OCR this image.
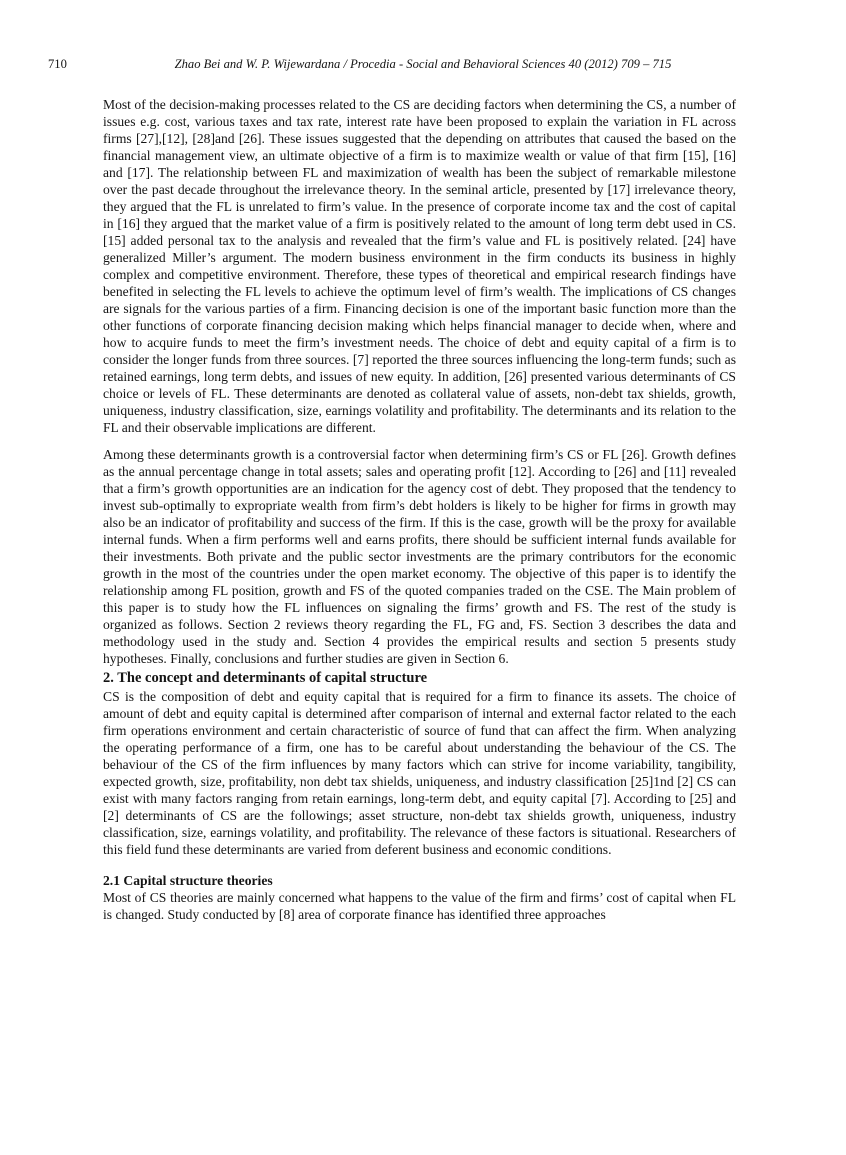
710	Zhao Bei and W. P. Wijewardana / Procedia - Social and Behavioral Sciences 40 (2012) 709 – 715

Most of the decision-making processes related to the CS are deciding factors when determining the CS, a number of issues e.g. cost, various taxes and tax rate, interest rate have been proposed to explain the variation in FL across firms [27],[12], [28]and [26]. These issues suggested that the depending on attributes that caused the based on the financial management view, an ultimate objective of a firm is to maximize wealth or value of that firm [15], [16] and [17]. The relationship between FL and maximization of wealth has been the subject of remarkable milestone over the past decade throughout the irrelevance theory. In the seminal article, presented by [17] irrelevance theory, they argued that the FL is unrelated to firm’s value. In the presence of corporate income tax and the cost of capital in [16] they argued that the market value of a firm is positively related to the amount of long term debt used in CS. [15] added personal tax to the analysis and revealed that the firm’s value and FL is positively related. [24] have generalized Miller’s argument. The modern business environment in the firm conducts its business in highly complex and competitive environment. Therefore, these types of theoretical and empirical research findings have benefited in selecting the FL levels to achieve the optimum level of firm’s wealth. The implications of CS changes are signals for the various parties of a firm. Financing decision is one of the important basic function more than the other functions of corporate financing decision making which helps financial manager to decide when, where and how to acquire funds to meet the firm’s investment needs. The choice of debt and equity capital of a firm is to consider the longer funds from three sources. [7] reported the three sources influencing the long-term funds; such as retained earnings, long term debts, and issues of new equity. In addition, [26] presented various determinants of CS choice or levels of FL. These determinants are denoted as collateral value of assets, non-debt tax shields, growth, uniqueness, industry classification, size, earnings volatility and profitability. The determinants and its relation to the FL and their observable implications are different.

Among these determinants growth is a controversial factor when determining firm’s CS or FL [26]. Growth defines as the annual percentage change in total assets; sales and operating profit [12]. According to [26] and [11] revealed that a firm’s growth opportunities are an indication for the agency cost of debt. They proposed that the tendency to invest sub-optimally to expropriate wealth from firm’s debt holders is likely to be higher for firms in growth may also be an indicator of profitability and success of the firm. If this is the case, growth will be the proxy for available internal funds. When a firm performs well and earns profits, there should be sufficient internal funds available for their investments. Both private and the public sector investments are the primary contributors for the economic growth in the most of the countries under the open market economy. The objective of this paper is to identify the relationship among FL position, growth and FS of the quoted companies traded on the CSE. The Main problem of this paper is to study how the FL influences on signaling the firms’ growth and FS. The rest of the study is organized as follows. Section 2 reviews theory regarding the FL, FG and, FS. Section 3 describes the data and methodology used in the study and. Section 4 provides the empirical results and section 5 presents study hypotheses. Finally, conclusions and further studies are given in Section 6.

2. The concept and determinants of capital structure

CS is the composition of debt and equity capital that is required for a firm to finance its assets. The choice of amount of debt and equity capital is determined after comparison of internal and external factor related to the each firm operations environment and certain characteristic of source of fund that can affect the firm. When analyzing the operating performance of a firm, one has to be careful about understanding the behaviour of the CS. The behaviour of the CS of the firm influences by many factors which can strive for income variability, tangibility, expected growth, size, profitability, non debt tax shields, uniqueness, and industry classification [25]1nd [2] CS can exist with many factors ranging from retain earnings, long-term debt, and equity capital [7]. According to [25] and [2] determinants of CS are the followings; asset structure, non-debt tax shields growth, uniqueness, industry classification, size, earnings volatility, and profitability. The relevance of these factors is situational. Researchers of this field fund these determinants are varied from deferent business and economic conditions.

2.1 Capital structure theories

Most of CS theories are mainly concerned what happens to the value of the firm and firms’ cost of capital when FL is changed. Study conducted by [8] area of corporate finance has identified three approaches
